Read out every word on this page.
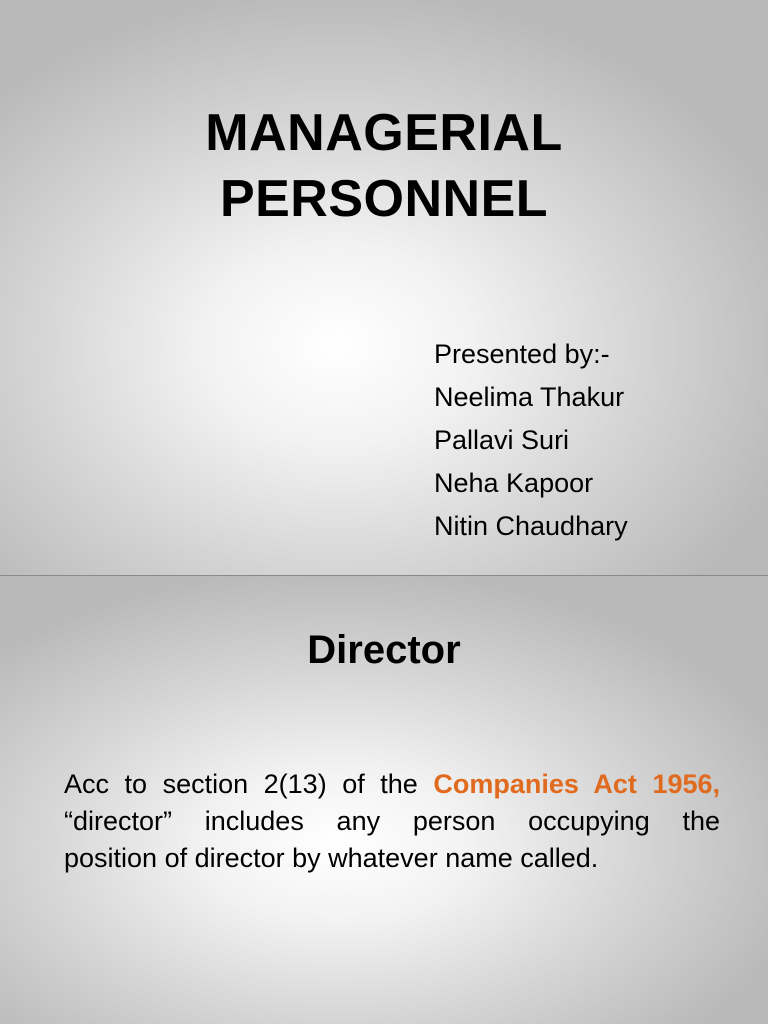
MANAGERIAL
PERSONNEL
Presented by:-
Neelima Thakur
Pallavi Suri
Neha Kapoor
Nitin Chaudhary
Director
Acc to section 2(13) of the Companies Act 1956,
“director” includes any person occupying the
position of director by whatever name called.
